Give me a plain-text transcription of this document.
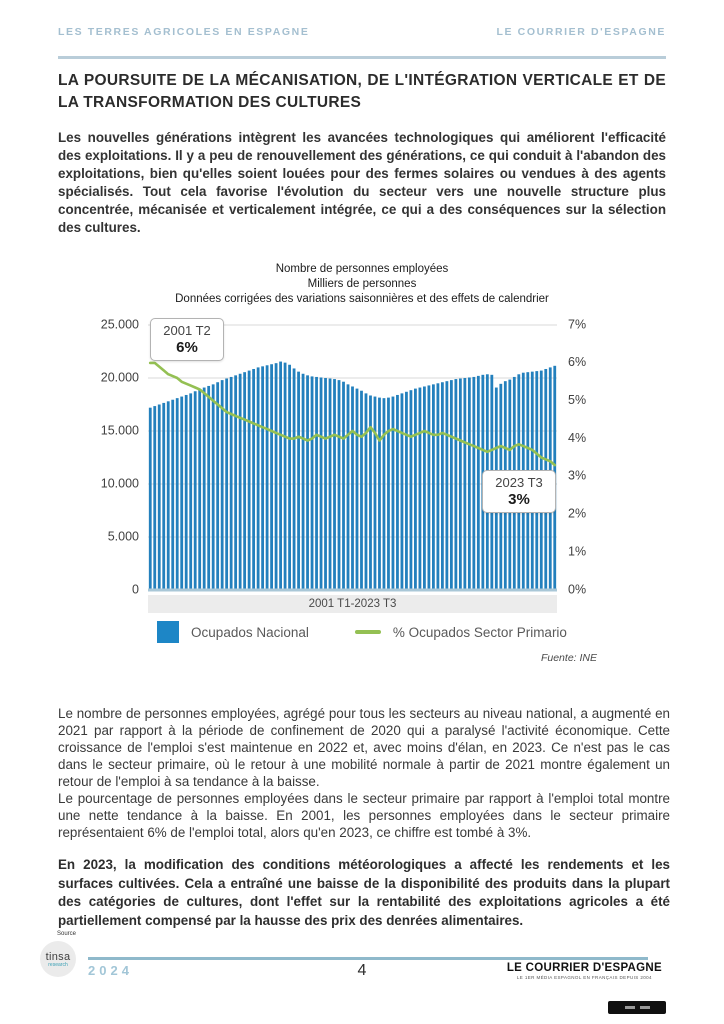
LES TERRES AGRICOLES EN ESPAGNE	LE COURRIER D'ESPAGNE
LA POURSUITE DE LA MÉCANISATION, DE L'INTÉGRATION VERTICALE ET DE LA TRANSFORMATION DES CULTURES

Les nouvelles générations intègrent les avancées technologiques qui améliorent l'efficacité des exploitations. Il y a peu de renouvellement des générations, ce qui conduit à l'abandon des exploitations, bien qu'elles soient louées pour des fermes solaires ou vendues à des agents spécialisés. Tout cela favorise l'évolution du secteur vers une nouvelle structure plus concentrée, mécanisée et verticalement intégrée, ce qui a des conséquences sur la sélection des cultures.

Nombre de personnes employées
Milliers de personnes
Données corrigées des variations saisonnières et des effets de calendrier
25.000
20.000
15.000
10.000
5.000
0
7%
6%
5%
4%
3%
2%
1%
0%
2001 T2
6%
2023 T3
3%
2001 T1-2023 T3
Ocupados Nacional	% Ocupados Sector Primario
Fuente: INE

Le nombre de personnes employées, agrégé pour tous les secteurs au niveau national, a augmenté en 2021 par rapport à la période de confinement de 2020 qui a paralysé l'activité économique. Cette croissance de l'emploi s'est maintenue en 2022 et, avec moins d'élan, en 2023. Ce n'est pas le cas dans le secteur primaire, où le retour à une mobilité normale à partir de 2021 montre également un retour de l'emploi à sa tendance à la baisse.

Le pourcentage de personnes employées dans le secteur primaire par rapport à l'emploi total montre une nette tendance à la baisse. En 2001, les personnes employées dans le secteur primaire représentaient 6% de l'emploi total, alors qu'en 2023, ce chiffre est tombé à 3%.

En 2023, la modification des conditions météorologiques a affecté les rendements et les surfaces cultivées. Cela a entraîné une baisse de la disponibilité des produits dans la plupart des catégories de cultures, dont l'effet sur la rentabilité des exploitations agricoles a été partiellement compensé par la hausse des prix des denrées alimentaires.

Source
tinsa
research 2024	4	LE COURRIER D'ESPAGNE
LE 1ER MÉDIA ESPAGNOL EN FRANÇAIS DEPUIS 2004
